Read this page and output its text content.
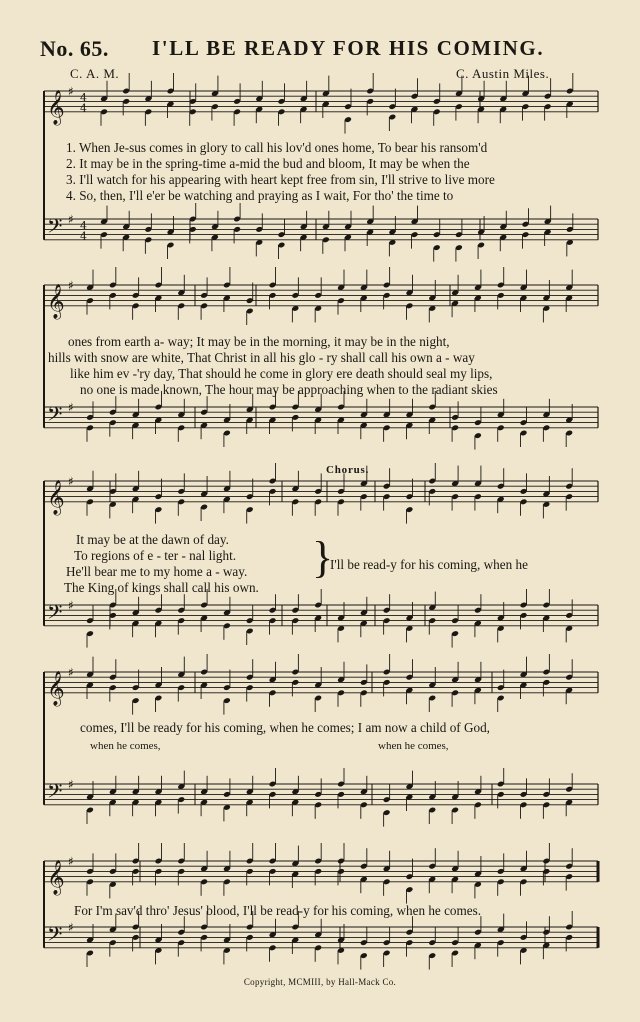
No. 65. I'LL BE READY FOR HIS COMING.
C. A. M.	C. Austin Miles.
𝄞 ♯ 4
4
𝄢 ♯ 4
4
𝄞 ♯
𝄢 ♯
𝄞 ♯
𝄢 ♯
𝄞 ♯
𝄢 ♯
𝄞 ♯
𝄢 ♯
1. When Je-sus comes in glory to call his lov'd ones home, To bear his ransom'd
2. It may be in the spring-time a-mid the bud and bloom, It may be when the
3. I'll watch for his appearing with heart kept free from sin, I'll strive to live more
4. So, then, I'll e'er be watching and praying as I wait, For tho' the time to
ones from earth a- way; It may be in the morning, it may be in the night,
hills with snow are white, That Christ in all his glo - ry shall call his own a - way
like him ev -'ry day, That should he come in glory ere death should seal my lips,
no one is made known, The hour may be approaching when to the radiant skies
Chorus.
It may be at the dawn of day.
To regions of e - ter - nal light.
He'll bear me to my home a - way.
The King of kings shall call his own.
}
I'll be read-y for his coming, when he
comes, I'll be ready for his coming, when he comes; I am now a child of God,
when he comes,	when he comes,
For I'm sav'd thro' Jesus' blood, I'll be read-y for his coming, when he comes.
Copyright, MCMIII, by Hall-Mack Co.
